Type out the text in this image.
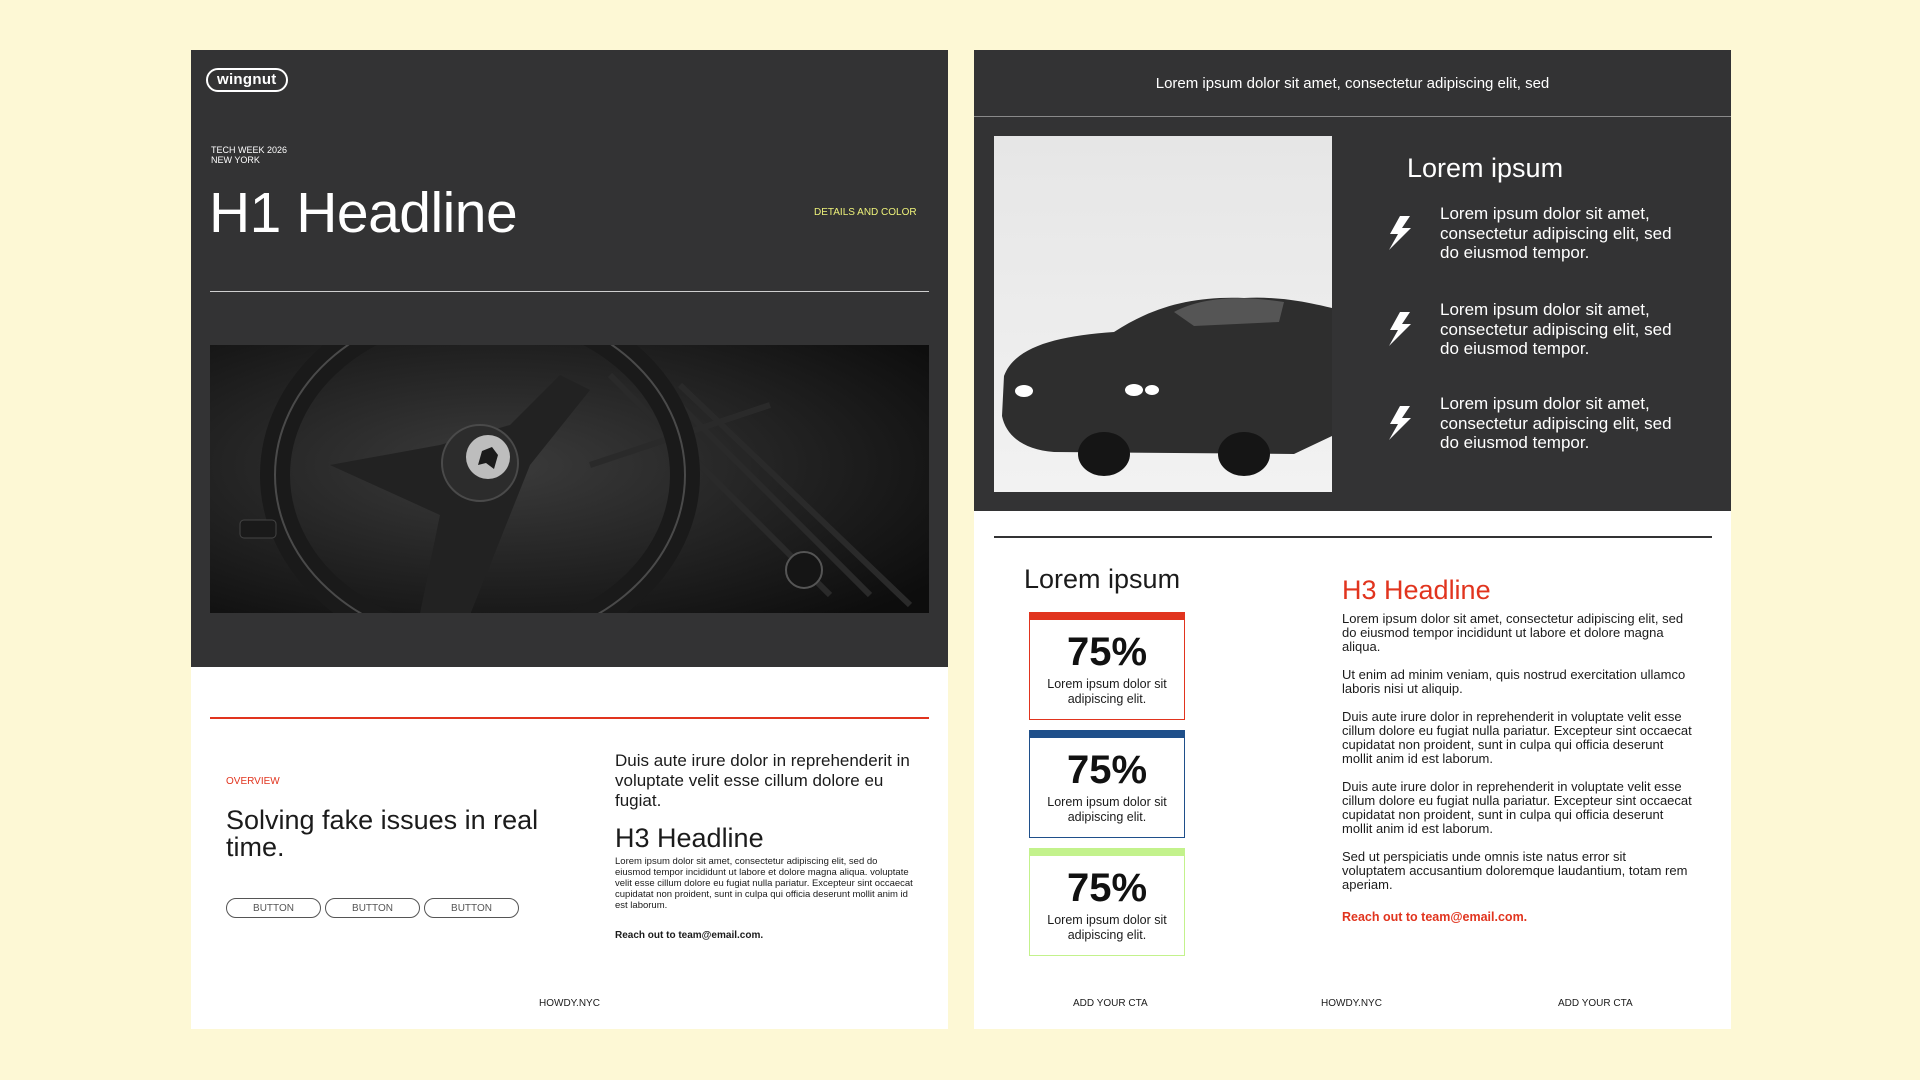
wingnut
TECH WEEK 2026
NEW YORK
H1 Headline	DETAILS AND COLOR
OVERVIEW
Solving fake issues in real time.
BUTTON	BUTTON	BUTTON
Duis aute irure dolor in reprehenderit in voluptate velit esse cillum dolore eu fugiat.
H3 Headline
Lorem ipsum dolor sit amet, consectetur adipiscing elit, sed do eiusmod tempor incididunt ut labore et dolore magna aliqua. voluptate velit esse cillum dolore eu fugiat nulla pariatur. Excepteur sint occaecat cupidatat non proident, sunt in culpa qui officia deserunt mollit anim id est laborum.
Reach out to team@email.com.
HOWDY.NYC
Lorem ipsum dolor sit amet, consectetur adipiscing elit, sed
Lorem ipsum
Lorem ipsum dolor sit amet, consectetur adipiscing elit, sed do eiusmod tempor.
Lorem ipsum dolor sit amet, consectetur adipiscing elit, sed do eiusmod tempor.
Lorem ipsum dolor sit amet, consectetur adipiscing elit, sed do eiusmod tempor.
Lorem ipsum
75%
Lorem ipsum dolor sit adipiscing elit.
75%
Lorem ipsum dolor sit adipiscing elit.
75%
Lorem ipsum dolor sit adipiscing elit.
H3 Headline

Lorem ipsum dolor sit amet, consectetur adipiscing elit, sed do eiusmod tempor incididunt ut labore et dolore magna aliqua.

Ut enim ad minim veniam, quis nostrud exercitation ullamco laboris nisi ut aliquip.

Duis aute irure dolor in reprehenderit in voluptate velit esse cillum dolore eu fugiat nulla pariatur. Excepteur sint occaecat cupidatat non proident, sunt in culpa qui officia deserunt mollit anim id est laborum.

Duis aute irure dolor in reprehenderit in voluptate velit esse cillum dolore eu fugiat nulla pariatur. Excepteur sint occaecat cupidatat non proident, sunt in culpa qui officia deserunt mollit anim id est laborum.

Sed ut perspiciatis unde omnis iste natus error sit voluptatem accusantium doloremque laudantium, totam rem aperiam.

Reach out to team@email.com.
ADD YOUR CTA	HOWDY.NYC	ADD YOUR CTA
